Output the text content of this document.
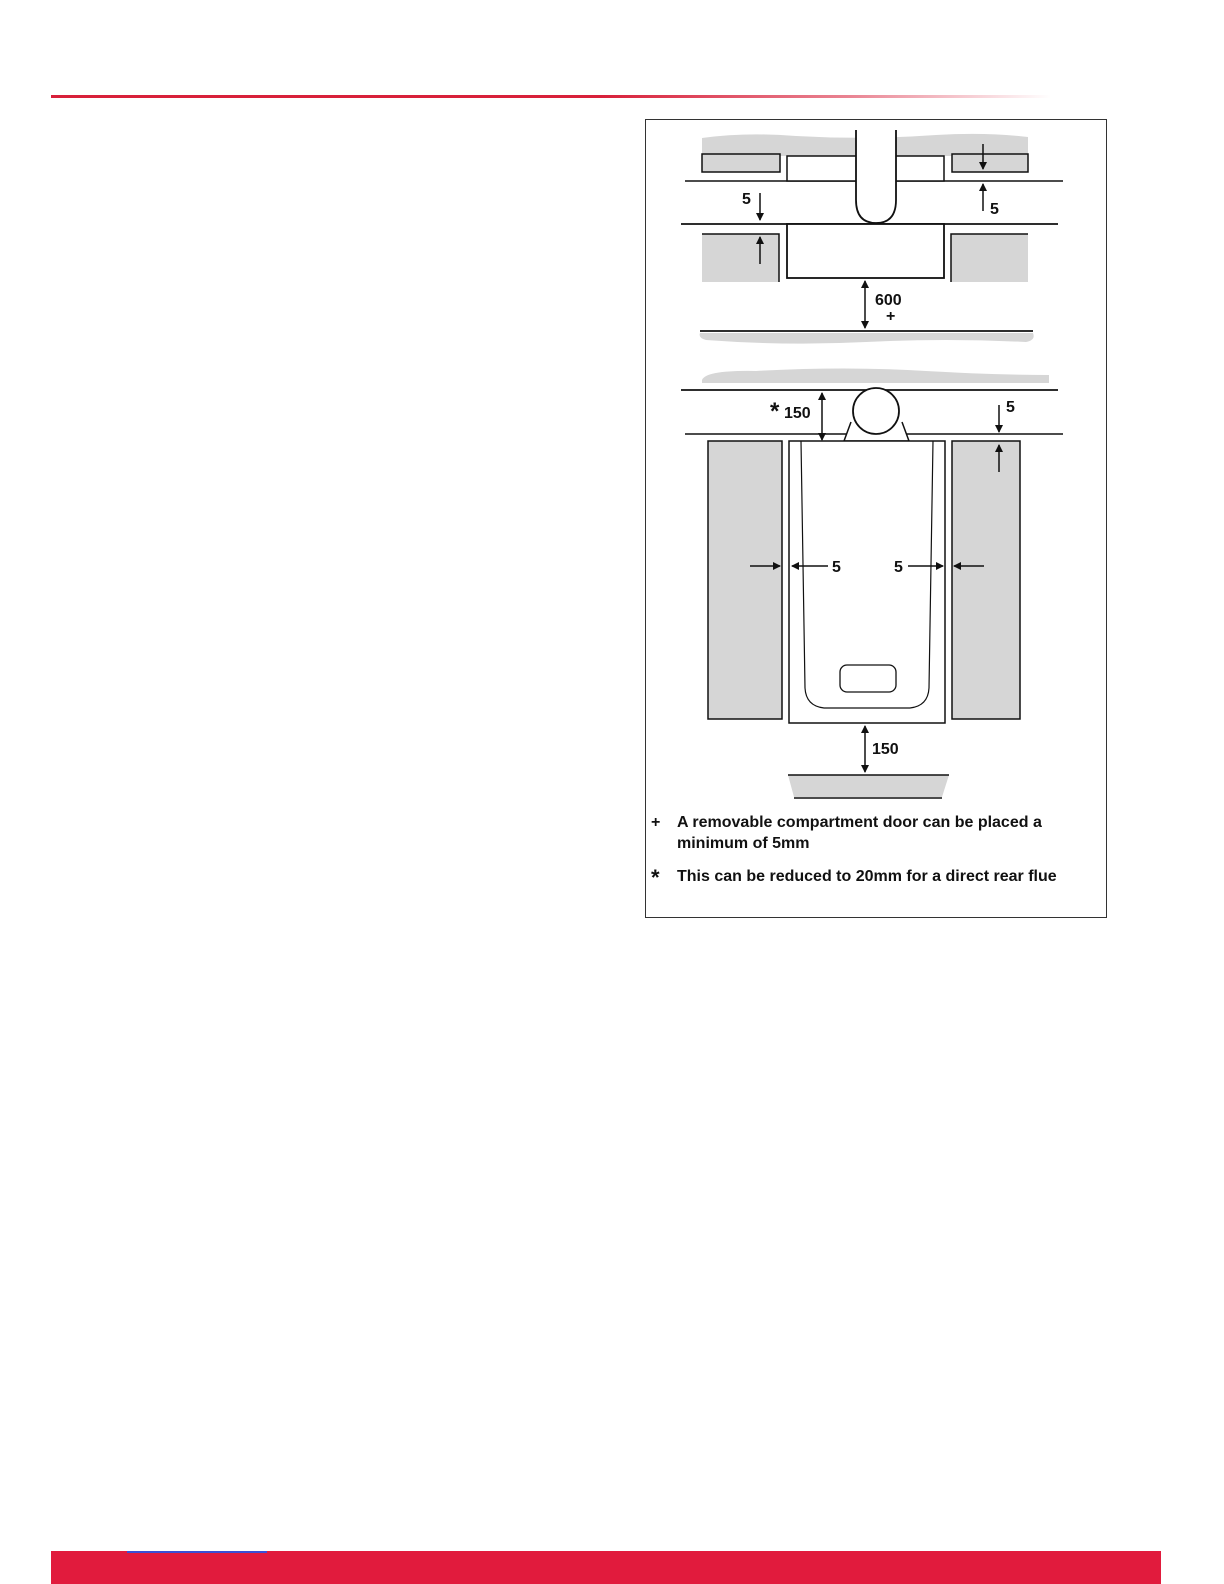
5
5
600
+
* 150	5
5	5
150
+	A removable compartment door can be placed a minimum of 5mm
*	This can be reduced to 20mm for a direct rear flue
